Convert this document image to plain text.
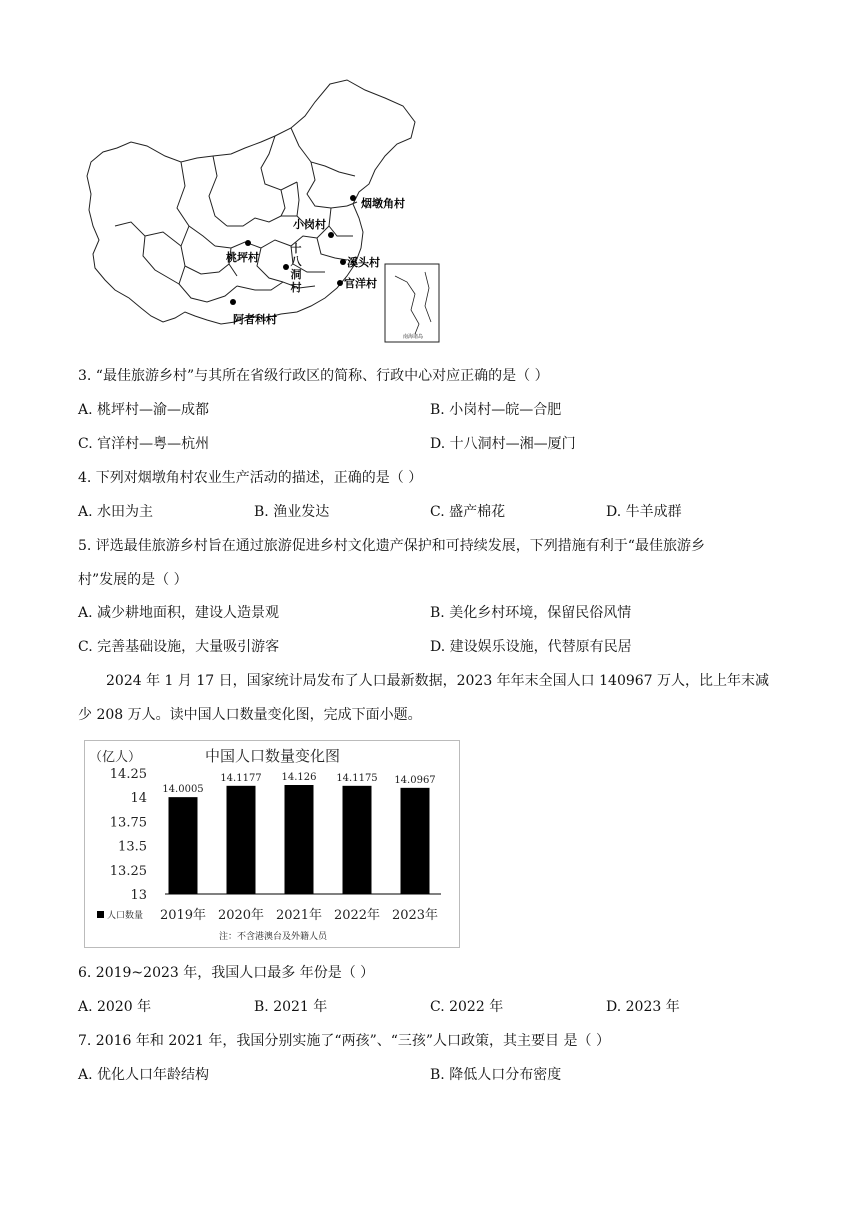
南海诸岛
烟墩角村
小岗村
桃坪村	溪头村
官洋村
阿者科村
十八洞村
3. “最佳旅游乡村”与其所在省级行政区的简称、行政中心对应正确的是（ ）
A. 桃坪村—渝—成都	B. 小岗村—皖—合肥
C. 官洋村—粤—杭州	D. 十八洞村—湘—厦门
4. 下列对烟墩角村农业生产活动的描述，正确的是（ ）
A. 水田为主	B. 渔业发达	C. 盛产棉花	D. 牛羊成群
5. 评选最佳旅游乡村旨在通过旅游促进乡村文化遗产保护和可持续发展，下列措施有利于“最佳旅游乡
村”发展的是（ ）
A. 减少耕地面积，建设人造景观	B. 美化乡村环境，保留民俗风情
C. 完善基础设施，大量吸引游客	D. 建设娱乐设施，代替原有民居
2024 年 1 月 17 日，国家统计局发布了人口最新数据，2023 年年末全国人口 140967 万人，比上年末减少 208 万人。读中国人口数量变化图，完成下面小题。
（亿人）	中国人口数量变化图
14.25
14
13.75
13.5
13.25
13
14.0005
14.1177 14.126 14.1175 14.0967
2019年 2020年 2021年 2022年 2023年
人口数量
注：不含港澳台及外籍人员
6. 2019~2023 年，我国人口最多 年份是（ ）
A. 2020 年	B. 2021 年	C. 2022 年	D. 2023 年
7. 2016 年和 2021 年，我国分别实施了“两孩”、“三孩”人口政策，其主要目 是（ ）
A. 优化人口年龄结构	B. 降低人口分布密度
